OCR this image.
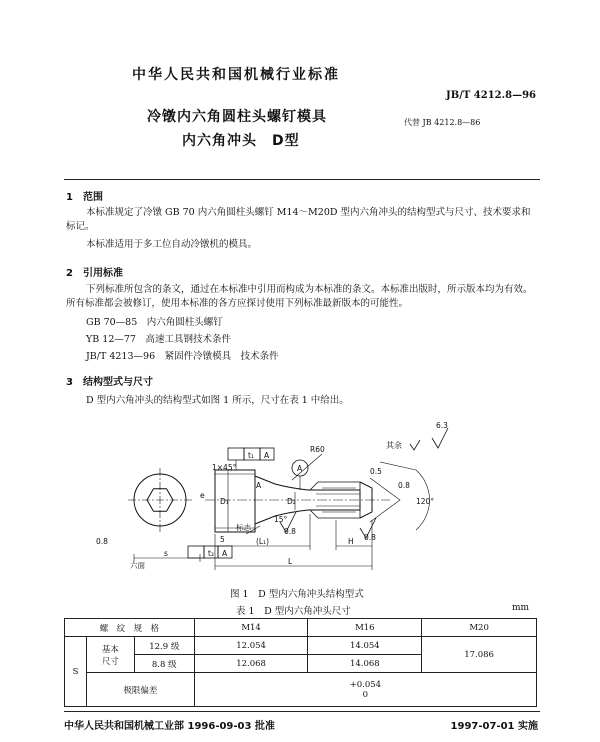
中华人民共和国机械行业标准
JB/T 4212.8—96
冷镦内六角圆柱头螺钉模具	代替 JB 4212.8—86
内六角冲头　D型
1　范围
本标准规定了冷镦 GB 70 内六角圆柱头螺钉 M14～M20D 型内六角冲头的结构型式与尺寸、技术要求和标记。
本标准适用于多工位自动冷镦机的模具。
2　引用标准
下列标准所包含的条文，通过在本标准中引用而构成为本标准的条文。本标准出版时，所示版本均为有效。所有标准都会被修订，使用本标准的各方应探讨使用下列标准最新版本的可能性。
GB 70—85　内六角圆柱头螺钉
YB 12—77　高速工具钢技术条件
JB/T 4213—96　紧固件冷镦模具　技术条件
3　结构型式与尺寸
D 型内六角冲头的结构型式如图 1 所示，尺寸在表 1 中给出。
六面
1×45°
t₁ A
t₂ A
A
15°
R60
D₁	D₂
s
5	(L₁)
L
H
标志	0.8
0.8
0.8
0.8
0.5
120°
e
A
其余
6.3
图 1　D 型内六角冲头结构型式
表 1　D 型内六角冲头尺寸	mm
螺　纹　规　格			M14	M16	M20
S	基本
尺寸	12.9 级	12.054	14.054	17.086
		8.8 级	12.068	14.068	
	极限偏差		+0.054
0		
中华人民共和国机械工业部 1996-09-03 批准	1997-07-01 实施
